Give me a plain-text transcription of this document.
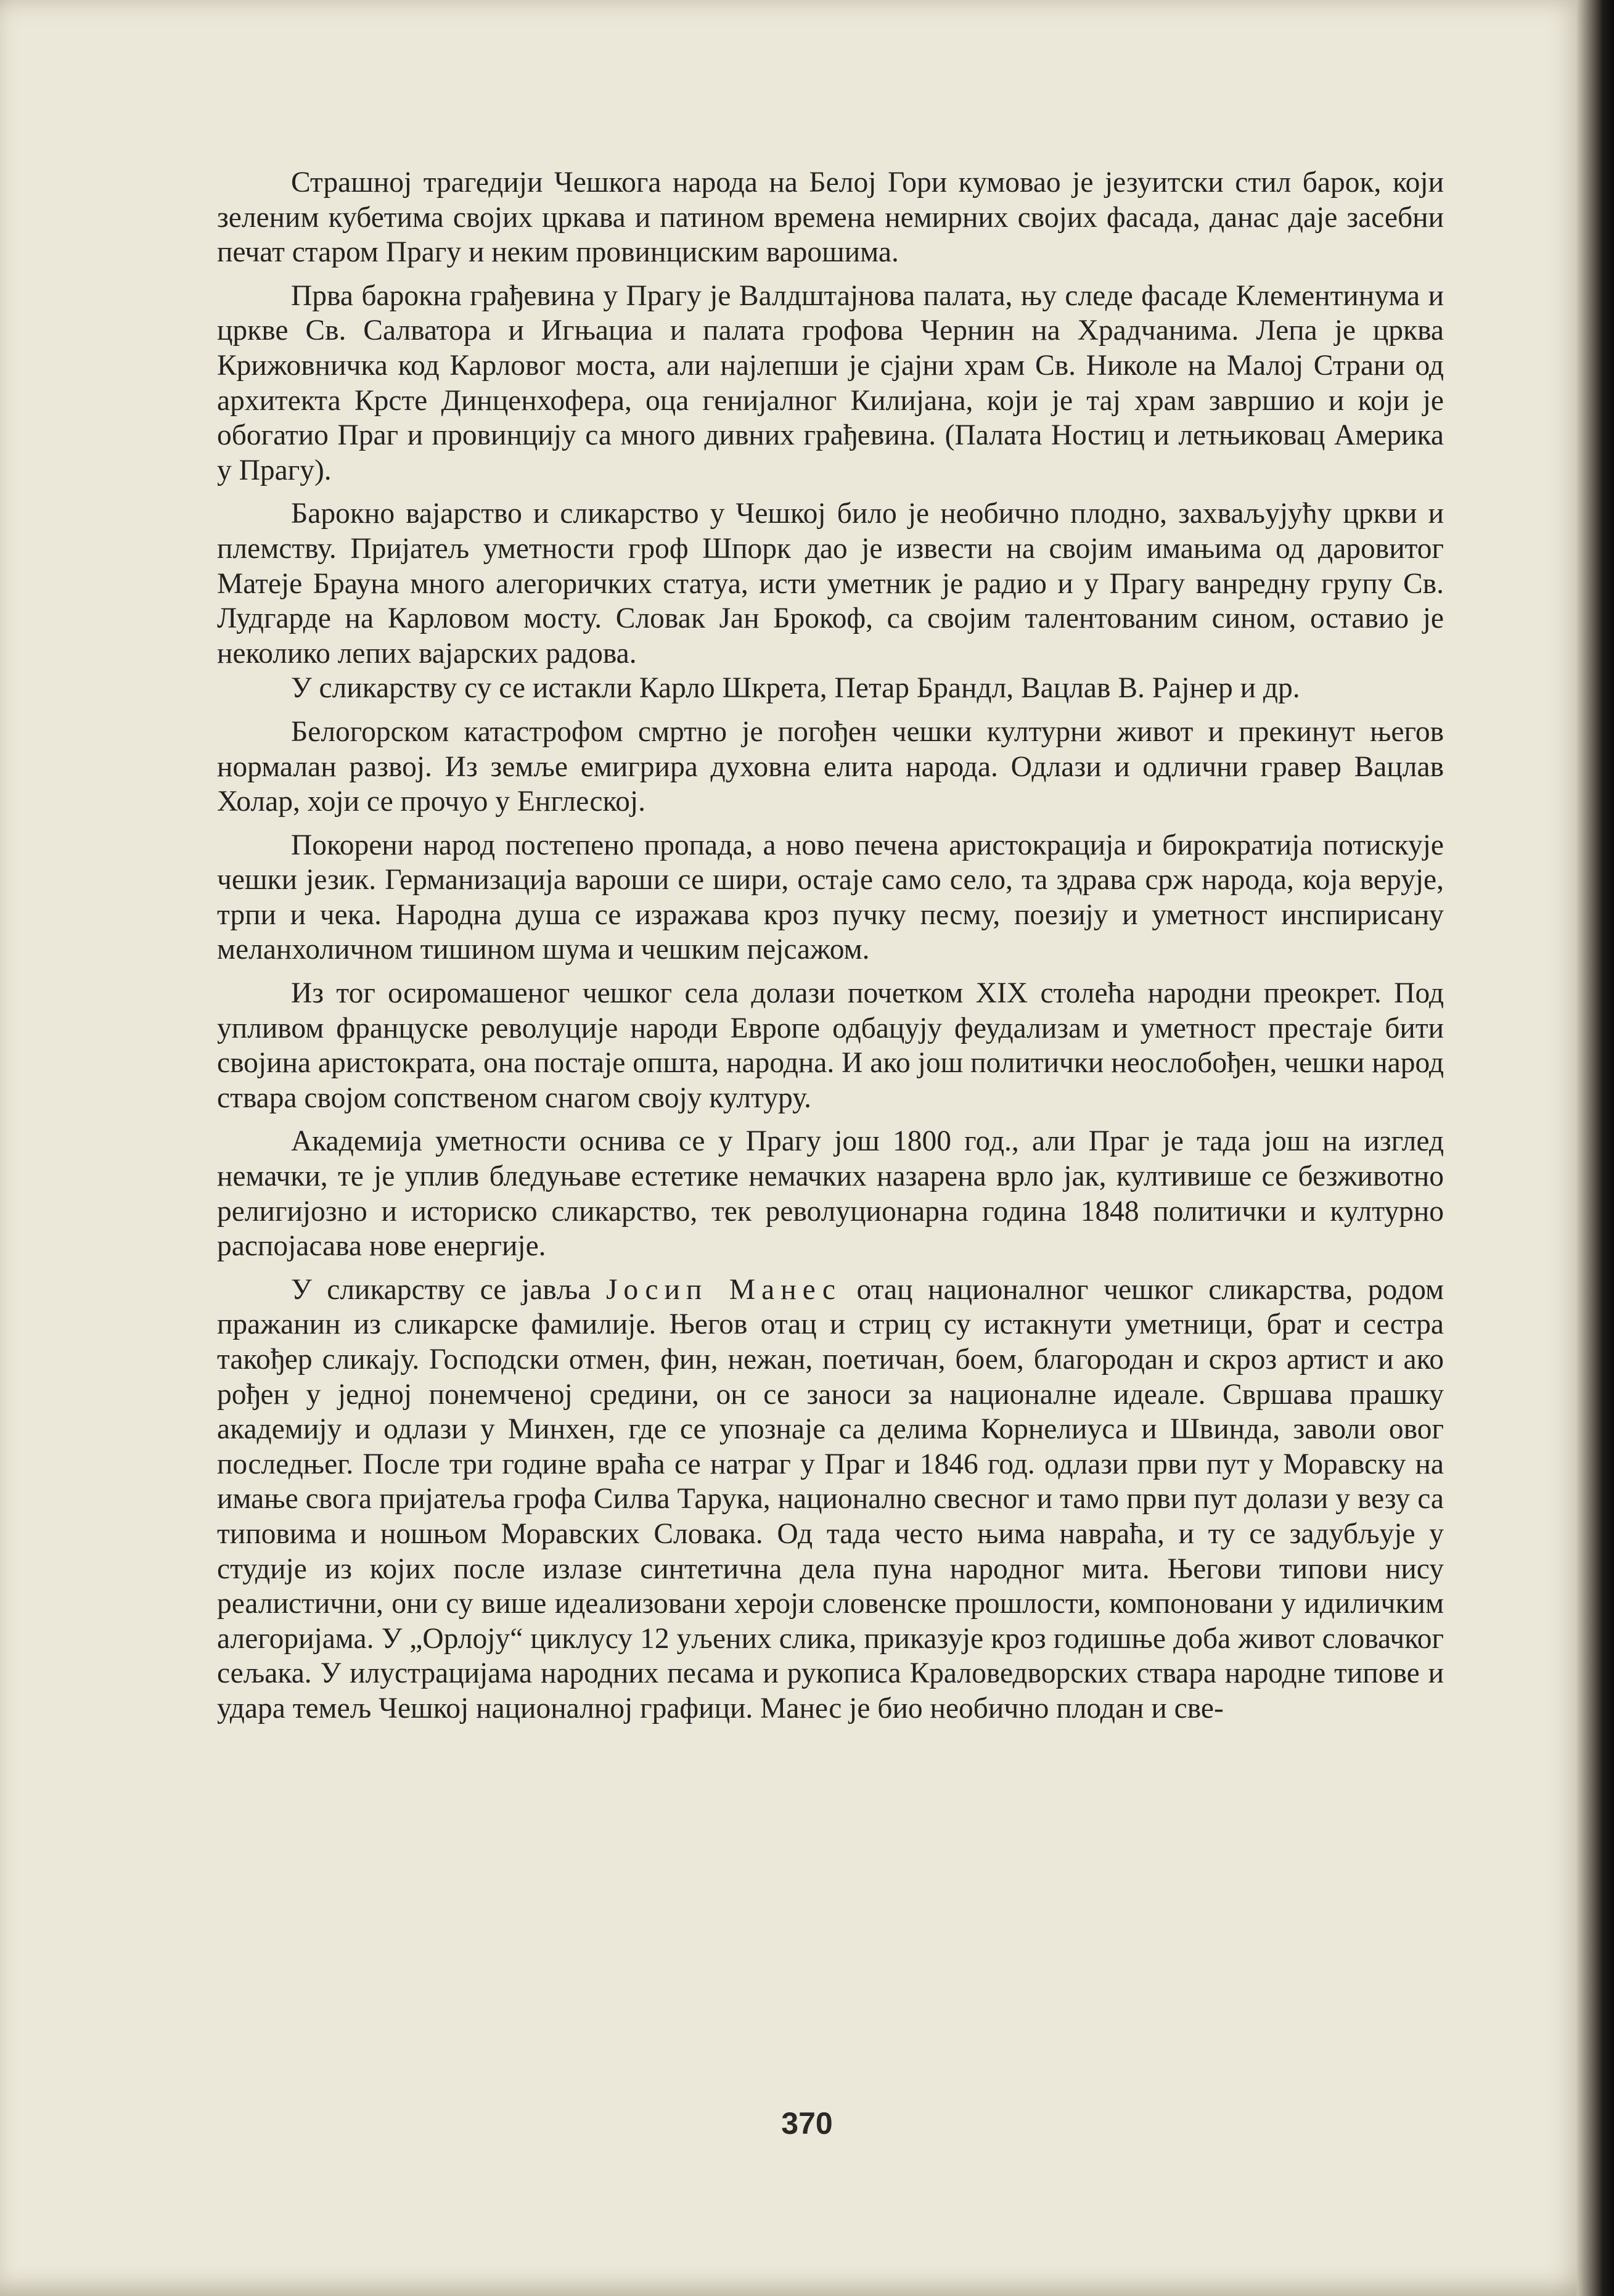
Страшној трагедији Чешкога народа на Белој Гори кумовао је језуитски стил барок, који зеленим кубетима својих цркава и патином времена немирних својих фасада, данас даје засебни печат старом Прагу и неким провинциским варошима.

Прва барокна грађевина у Прагу је Валдштајнова палата, њу следе фасаде Клементинума и цркве Св. Салватора и Игњациа и палата грофова Чернин на Храдчанима. Лепа је црква Крижовничка код Карловог моста, али најлепши је сјајни храм Св. Николе на Малој Страни од архитекта Крсте Динценхофера, оца генијалног Килијана, који је тај храм завршио и који је обогатио Праг и провинцију са много дивних грађевина. (Палата Ностиц и летњиковац Америка у Прагу).

Барокно вајарство и сликарство у Чешкој било је необично плодно, захваљујућу цркви и племству. Пријатељ уметности гроф Шпорк дао је извести на својим имањима од даровитог Матеје Брауна много алегоричких статуа, исти уметник је радио и у Прагу ванредну групу Св. Лудгарде на Карловом мосту. Словак Јан Брокоф, са својим талентованим сином, оставио је неколико лепих вајарских радова.

У сликарству су се истакли Карло Шкрета, Петар Брандл, Вацлав В. Рајнер и др.

Белогорском катастрофом смртно је погођен чешки културни живот и прекинут његов нормалан развој. Из земље емигрира духовна елита народа. Одлази и одлични гравер Вацлав Холар, хоји се прочуо у Енглеској.

Покорени народ постепено пропада, а ново печена аристокрација и бирократија потискује чешки језик. Германизација вароши се шири, остаје само село, та здрава срж народа, која верује, трпи и чека. Народна душа се изражава кроз пучку песму, поезију и уметност инспирисану меланхоличном тишином шума и чешким пејсажом.

Из тог осиромашеног чешког села долази почетком XIX столећа народни преокрет. Под упливом француске револуције народи Европе одбацују феудализам и уметност престаје бити својина аристократа, она постаје општа, народна. И ако још политички неослобођен, чешки народ ствара својом сопственом снагом своју културу.

Академија уметности оснива се у Прагу још 1800 год., али Праг је тада још на изглед немачки, те је уплив бледуњаве естетике немачких назарена врло јак, култивише се безживотно религијозно и историско сликарство, тек револуционарна година 1848 политички и културно распојасава нове енергије.

У сликарству се јавља Јосип Манес отац националног чешког сликарства, родом пражанин из сликарске фамилије. Његов отац и стриц су истакнути уметници, брат и сестра такођер сликају. Господски отмен, фин, нежан, поетичан, боем, благородан и скроз артист и ако рођен у једној понемченој средини, он се заноси за националне идеале. Свршава прашку академију и одлази у Минхен, где се упознаје са делима Корнелиуса и Швинда, заволи овог последњег. После три године враћа се натраг у Праг и 1846 год. одлази први пут у Моравску на имање свога пријатеља грофа Силва Тарука, национално свесног и тамо први пут долази у везу са типовима и ношњом Моравских Словака. Од тада често њима навраћа, и ту се задубљује у студије из којих после излазе синтетична дела пуна народног мита. Његови типови нису реалистични, они су више идеализовани хероји словенске прошлости, компоновани у идиличким алегоријама. У „Орлоју“ циклусу 12 уљених слика, приказује кроз годишње доба живот словачког сељака. У илустрацијама народних песама и рукописа Краловедворских ствара народне типове и удара темељ Чешкој националној графици. Манес је био необично плодан и све-

370
